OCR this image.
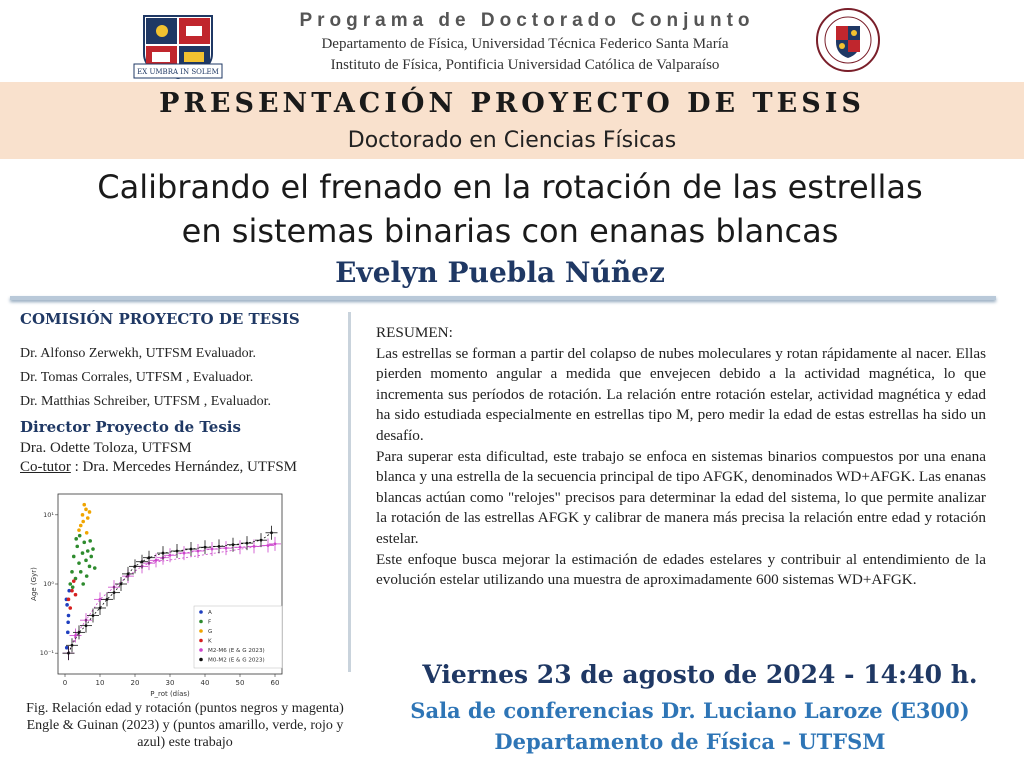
EX UMBRA IN SOLEM
Programa de Doctorado Conjunto
Departamento de Física, Universidad Técnica Federico Santa María
Instituto de Física, Pontificia Universidad Católica de Valparaíso
PRESENTACIÓN PROYECTO DE TESIS
Doctorado en Ciencias Físicas
Calibrando el frenado en la rotación de las estrellas
en sistemas binarias con enanas blancas
Evelyn Puebla Núñez
COMISIÓN PROYECTO DE TESIS
Dr. Alfonso Zerwekh, UTFSM Evaluador.
Dr. Tomas Corrales, UTFSM , Evaluador.
Dr. Matthias Schreiber, UTFSM , Evaluador.
Director Proyecto de Tesis
Dra. Odette Toloza, UTFSM
Co-tutor : Dra. Mercedes Hernández, UTFSM
0	10	20	30	40	50	60
10⁻¹
10⁰
10¹
P_rot (días)
Age (Gyr)
A
F
G
K
M2-M6 (E & G 2023)
M0-M2 (E & G 2023)
Fig. Relación edad y rotación (puntos negros y magenta)
Engle & Guinan (2023) y (puntos amarillo, verde, rojo y
azul) este trabajo

RESUMEN:

Las estrellas se forman a partir del colapso de nubes moleculares y rotan rápidamente al nacer. Ellas pierden momento angular a medida que envejecen debido a la actividad magnética, lo que incrementa sus períodos de rotación. La relación entre rotación estelar, actividad magnética y edad ha sido estudiada especialmente en estrellas tipo M, pero medir la edad de estas estrellas ha sido un desafío.

Para superar esta dificultad, este trabajo se enfoca en sistemas binarios compuestos por una enana blanca y una estrella de la secuencia principal de tipo AFGK, denominados WD+AFGK. Las enanas blancas actúan como "relojes" precisos para determinar la edad del sistema, lo que permite analizar la rotación de las estrellas AFGK y calibrar de manera más precisa la relación entre edad y rotación estelar.

Este enfoque busca mejorar la estimación de edades estelares y contribuir al entendimiento de la evolución estelar utilizando una muestra de aproximadamente 600 sistemas WD+AFGK.

Viernes 23 de agosto de 2024 - 14:40 h.
Sala de conferencias Dr. Luciano Laroze (E300)
Departamento de Física - UTFSM
